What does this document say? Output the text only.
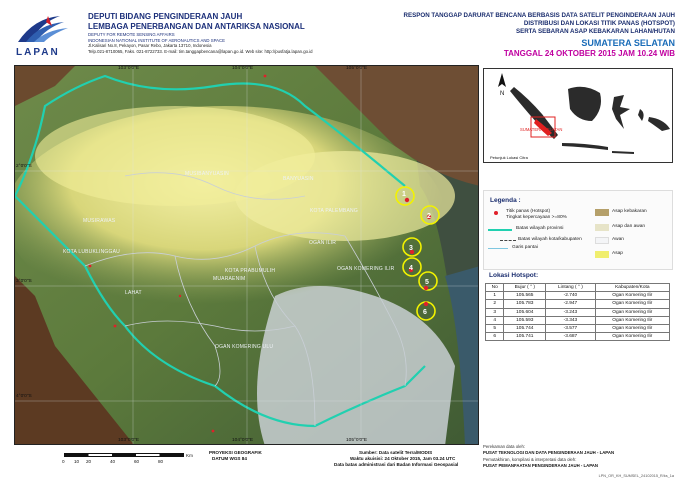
LAPAN
DEPUTI BIDANG PENGINDERAAN JAUH
LEMBAGA PENERBANGAN DAN ANTARIKSA NASIONAL
DEPUTY FOR REMOTE SENSING AFFAIRS
INDONESIAN NATIONAL INSTITUTE OF AERONAUTICS AND SPACE
Jl.Kalisari No.8, Pekayon, Pasar Rebo, Jakarta 13710, Indonesia
Telp.021-8710065, Faks. 021-8722733. E-mail: tim.tanggapbencana@lapan.go.id. Web site: http://pusfatja.lapan.go.id
RESPON TANGGAP DARURAT BENCANA BERBASIS DATA SATELIT PENGINDERAAN JAUH
DISTRIBUSI DAN LOKASI TITIK PANAS (HOTSPOT)
SERTA SEBARAN ASAP KEBAKARAN LAHAN/HUTAN
SUMATERA SELATAN
TANGGAL 24 OKTOBER 2015 JAM 10.24 WIB
BANYUASIN
MUSIBANYUASIN
MUSIRAWAS
KOTA PALEMBANG
KOTA LUBUKLINGGAU
MUARAENIM
OGAN ILIR
OGAN KOMERING ILIR
LAHAT
KOTA PRABUMULIH
OGAN KOMERING ULU
1
2
3
4
5
6
103°0'0"E	104°0'0"E	105°0'0"E
103°0'0"E	104°0'0"E	105°0'0"E
2°0'0"S
3°0'0"S
4°0'0"S
N
SUMATERA SELATAN
Petunjuk Lokasi Citra
Legenda :
Titik panas (Hotspot)
Tingkat kepercayaan >=80%
Batas wilayah provinsi
Batas wilayah kota/kabupaten
Garis pantai
Asap kebakaran
Asap dan awan
Awan
Asap
Lokasi Hotspot:
No	Bujur ( ° )	Lintang ( ° )	Kabupaten/Kota
1	105.565	-2.740	Ogan Komering Ilir
2	105.783	-2.947	Ogan Komering Ilir
3	105.604	-3.243	Ogan Komering Ilir
4	105.593	-3.343	Ogan Komering Ilir
5	105.744	-3.577	Ogan Komering Ilir
6	105.741	-3.687	Ogan Komering Ilir
Perekaman data oleh:
PUSAT TEKNOLOGI DAN DATA PENGINDERAAN JAUH - LAPAN
Pemutakhiran, kompilasi & interpretasi data oleh:
PUSAT PEMANFAATAN PENGINDERAAN JAUH - LAPAN
0 10 20	40	60	80
Km
PROYEKSI GEOGRAFIK
DATUM WGS 84
Sumber: Data satelit Terra/MODIS
Waktu akuisisi: 24 Oktober 2015, Jam 03.24 UTC
Data batas administrasi dari Badan Informasi Geospasial
LPN_OR_KH_SUMSEL_24102015_R/ks_1a
